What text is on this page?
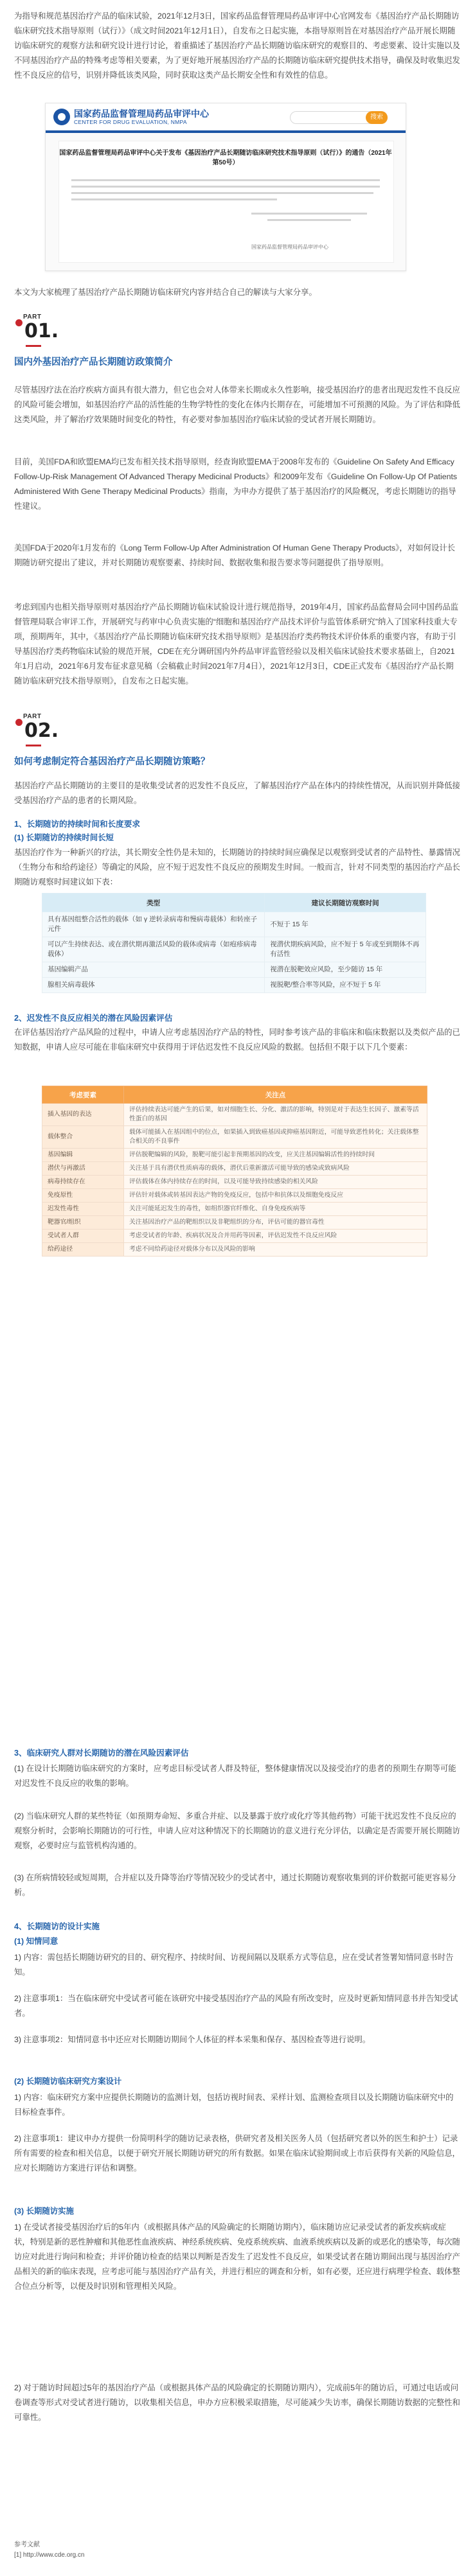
为指导和规范基因治疗产品的临床试验，2021年12月3日，国家药品监督管理局药品审评中心官网发布《基因治疗产品长期随访临床研究技术指导原则（试行）》（成文时间2021年12月1日），自发布之日起实施，本指导原则旨在对基因治疗产品开展长期随访临床研究的观察方法和研究设计进行讨论，着重描述了基因治疗产品长期随访临床研究的观察目的、考虑要素、设计实施以及不同基因治疗产品的特殊考虑等相关要素，为了更好地开展基因治疗产品的长期随访临床研究提供技术指导，确保及时收集迟发性不良反应的信号，识别并降低该类风险，同时获取这类产品长期安全性和有效性的信息。

国家药品监督管理局药品审评中心
CENTER FOR DRUG EVALUATION, NMPA
搜索
国家药品监督管理局药品审评中心关于发布《基因治疗产品长期随访临床研究技术指导原则（试行）》的通告（2021年第50号）
国家药品监督管理局药品审评中心

本文为大家梳理了基因治疗产品长期随访临床研究内容并结合自己的解读与大家分享。

PART
01.

国内外基因治疗产品长期随访政策简介

尽管基因疗法在治疗疾病方面具有很大潜力，但它也会对人体带来长期或永久性影响，接受基因治疗的患者出现迟发性不良反应的风险可能会增加，如基因治疗产品的活性能的生物学特性的变化在体内长期存在，可能增加不可预测的风险。为了评估和降低这类风险，并了解治疗效果随时间变化的特性，有必要对参加基因治疗临床试验的受试者开展长期随访。

目前，美国FDA和欧盟EMA均已发布相关技术指导原则，经查询欧盟EMA于2008年发布的《Guideline On Safety And Efficacy Follow-Up-Risk Management Of Advanced Therapy Medicinal Products》和2009年发布《Guideline On Follow-Up Of Patients Administered With Gene Therapy Medicinal Products》指南，为申办方提供了基于基因治疗的风险概况，考虑长期随访的指导性建议。

美国FDA于2020年1月发布的《Long Term Follow-Up After Administration Of Human Gene Therapy Products》，对如何设计长期随访研究提出了建议，并对长期随访观察要素、持续时间、数据收集和报告要求等问题提供了指导原则。

考虑到国内也相关指导原则对基因治疗产品长期随访临床试验设计进行规范指导，2019年4月，国家药品监督局会同中国药品监督管理局联合审评工作，开展研究与药审中心负责实施的“细胞和基因治疗产品技术评价与监管体系研究”纳入了国家科技重大专项，预期两年，其中，《基因治疗产品长期随访临床研究技术指导原则》是基因治疗类药物技术评价体系的重要内容，有助于引导基因治疗类药物临床试验的规范开展，CDE在充分调研国内外药品审评监管经验以及相关临床试验技术要求基础上，自2021年1月启动，2021年6月发布征求意见稿（会稿截止时间2021年7月4日），2021年12月3日，CDE正式发布《基因治疗产品长期随访临床研究技术指导原则》，自发布之日起实施。

PART
02.

如何考虑制定符合基因治疗产品长期随访策略？

基因治疗产品长期随访的主要目的是收集受试者的迟发性不良反应，了解基因治疗产品在体内的持续性情况，从而识别并降低接受基因治疗产品的患者的长期风险。

1、长期随访的持续时间和长度要求

(1) 长期随访的持续时间长短

基因治疗作为一种新兴的疗法，其长期安全性仍是未知的，长期随访的持续时间应确保足以观察到受试者的产品特性、暴露情况（生物分布和给药途径）等确定的风险，应不短于迟发性不良反应的预期发生时间。一般而言，针对不同类型的基因治疗产品长期随访观察时间建议如下表：

类型	建议长期随访观察时间
具有基因组整合活性的载体（如 γ 逆转录病毒和慢病毒载体）和转座子元件	不短于 15 年
可以产生持续表达、或在潜伏期再激活风险的载体或病毒（如疱疹病毒载体）	视潜伏期疾病风险，应不短于 5 年或至到期体不再有活性
基因编辑产品	视潜在脱靶效应风险，至少随访 15 年
腺相关病毒载体	视脱靶/整合率等风险，应不短于 5 年

2、迟发性不良反应相关的潜在风险因素评估

在评估基因治疗产品风险的过程中，申请人应考虑基因治疗产品的特性，同时参考该产品的非临床和临床数据以及类似产品的已知数据，申请人应尽可能在非临床研究中获得用于评估迟发性不良反应风险的数据。包括但不限于以下几个要素：

考虑要素	关注点
插入基因的表达	评估持续表达可能产生的后果，如对细胞生长、分化、激活的影响，特别是对于表达生长因子、激素等活性蛋白的基因
载体整合	载体可能插入在基因组中的位点，如果插入到致癌基因或抑癌基因附近，可能导致恶性转化；关注载体整合相关的不良事件
基因编辑	评估脱靶编辑的风险，脱靶可能引起非预期基因的改变，应关注基因编辑活性的持续时间
潜伏与再激活	关注基于具有潜伏性质病毒的载体，潜伏后重新激活可能导致的感染或致病风险
病毒持续存在	评估载体在体内持续存在的时间，以及可能导致持续感染的相关风险
免疫原性	评估针对载体或转基因表达产物的免疫反应，包括中和抗体以及细胞免疫反应
迟发性毒性	关注可能延迟发生的毒性，如组织器官纤维化、自身免疫疾病等
靶器官/组织	关注基因治疗产品的靶组织以及非靶组织的分布，评估可能的器官毒性
受试者人群	考虑受试者的年龄、疾病状况及合并用药等因素，评估迟发性不良反应风险
给药途径	考虑不同给药途径对载体分布以及风险的影响

3、临床研究人群对长期随访的潜在风险因素评估

(1) 在设计长期随访临床研究的方案时，应考虑目标受试者人群及特征，整体健康情况以及接受治疗的患者的预期生存期等可能对迟发性不良反应的收集的影响。

(2) 当临床研究人群的某些特征（如预期寿命短、多重合并症、以及暴露于放疗或化疗等其他药物）可能干扰迟发性不良反应的观察分析时，会影响长期随访的可行性，申请人应对这种情况下的长期随访的意义进行充分评估，以确定是否需要开展长期随访观察，必要时应与监管机构沟通的。

(3) 在所病情较轻或短周期，合并症以及升降等治疗等情况较少的受试者中，通过长期随访观察收集到的评价数据可能更容易分析。

4、长期随访的设计实施

(1) 知情同意

1) 内容：需包括长期随访研究的目的、研究程序、持续时间、访视间隔以及联系方式等信息，应在受试者签署知情同意书时告知。

2) 注意事项1：当在临床研究中受试者可能在该研究中接受基因治疗产品的风险有所改变时，应及时更新知情同意书并告知受试者。

3) 注意事项2：知情同意书中还应对长期随访期间个人体征的样本采集和保存、基因检查等进行说明。

(2) 长期随访临床研究方案设计

1) 内容：临床研究方案中应提供长期随访的监测计划，包括访视时间表、采样计划、监测检查项目以及长期随访临床研究中的目标检查事件。

2) 注意事项1：建议申办方提供一份简明科学的随访记录表格，供研究者及相关医务人员（包括研究者以外的医生和护士）记录所有需要的检查和相关信息，以便于研究开展长期随访研究的所有数据。如果在临床试验期间或上市后获得有关新的风险信息，应对长期随访方案进行评估和调整。

(3) 长期随访实施

1) 在受试者接受基因治疗后的5年内（或根据具体产品的风险确定的长期随访期内），临床随访应记录受试者的新发疾病或症状，特别是新的恶性肿瘤和其他恶性血液疾病、神经系统疾病、免疫系统疾病、血液系统疾病以及新的或恶化的感染等，每次随访应对此进行询问和检查；并评价随访检查的结果以判断是否发生了迟发性不良反应，如果受试者在随访期间出现与基因治疗产品相关的新的临床表现，应考虑可能与基因治疗产品有关，并进行相应的调查和分析，如有必要，还应进行病理学检查、载体整合位点分析等，以便及时识别和管理相关风险。

2) 对于随访时间超过5年的基因治疗产品（或根据具体产品的风险确定的长期随访期内），完成前5年的随访后，可通过电话或问卷调查等形式对受试者进行随访，以收集相关信息，申办方应积极采取措施，尽可能减少失访率，确保长期随访数据的完整性和可靠性。

参考文献
[1] http://www.cde.org.cn
